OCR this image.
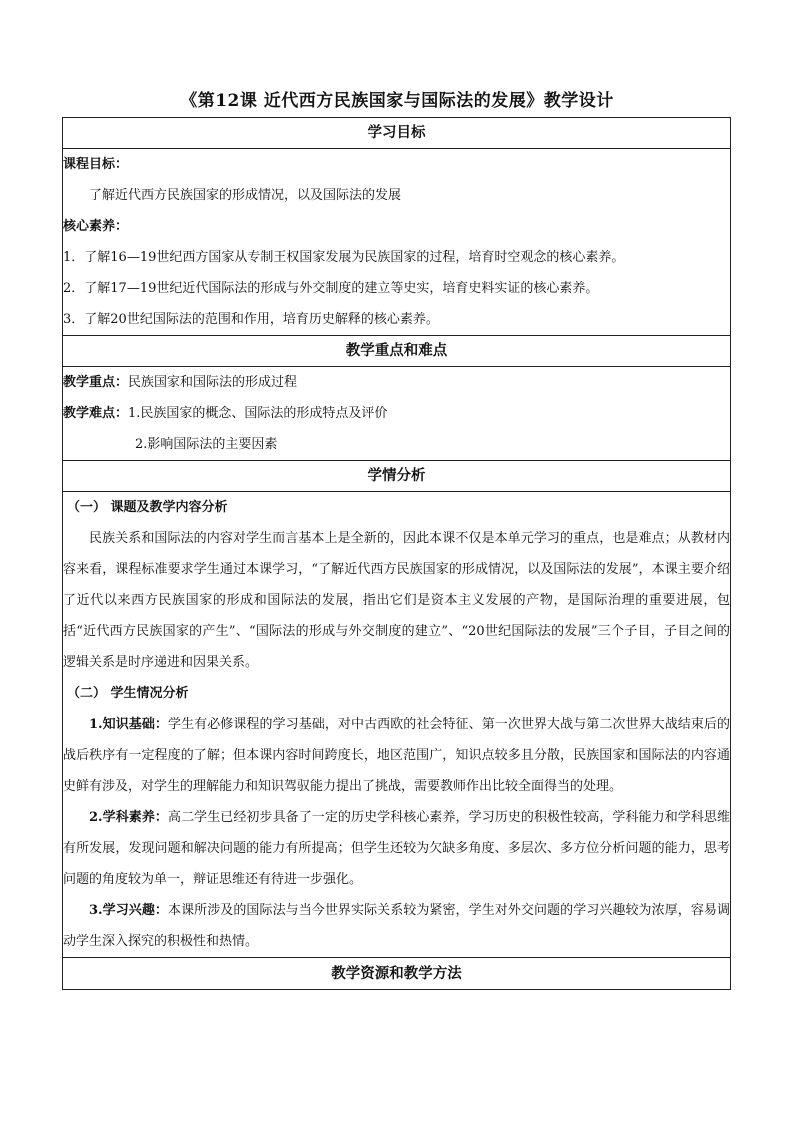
《第12课 近代西方民族国家与国际法的发展》教学设计
学习目标

课程目标：
了解近代西方民族国家的形成情况，以及国际法的发展
核心素养：
1．了解16—19世纪西方国家从专制王权国家发展为民族国家的过程，培育时空观念的核心素养。
2．了解17—19世纪近代国际法的形成与外交制度的建立等史实，培育史料实证的核心素养。
3．了解20世纪国际法的范围和作用，培育历史解释的核心素养。

教学重点和难点

教学重点：民族国家和国际法的形成过程
教学难点：1.民族国家的概念、国际法的形成特点及评价
2.影响国际法的主要因素

学情分析

（一） 课题及教学内容分析

民族关系和国际法的内容对学生而言基本上是全新的，因此本课不仅是本单元学习的重点，也是难点；从教材内容来看，课程标准要求学生通过本课学习，“了解近代西方民族国家的形成情况，以及国际法的发展”，本课主要介绍了近代以来西方民族国家的形成和国际法的发展，指出它们是资本主义发展的产物，是国际治理的重要进展，包括“近代西方民族国家的产生”、“国际法的形成与外交制度的建立”、“20世纪国际法的发展”三个子目，子目之间的逻辑关系是时序递进和因果关系。

（二） 学生情况分析

1.知识基础：学生有必修课程的学习基础，对中古西欧的社会特征、第一次世界大战与第二次世界大战结束后的战后秩序有一定程度的了解；但本课内容时间跨度长，地区范围广，知识点较多且分散，民族国家和国际法的内容通史鲜有涉及，对学生的理解能力和知识驾驭能力提出了挑战，需要教师作出比较全面得当的处理。

2.学科素养：高二学生已经初步具备了一定的历史学科核心素养，学习历史的积极性较高，学科能力和学科思维有所发展，发现问题和解决问题的能力有所提高；但学生还较为欠缺多角度、多层次、多方位分析问题的能力，思考问题的角度较为单一，辩证思维还有待进一步强化。

3.学习兴趣：本课所涉及的国际法与当今世界实际关系较为紧密，学生对外交问题的学习兴趣较为浓厚，容易调动学生深入探究的积极性和热情。

教学资源和教学方法
